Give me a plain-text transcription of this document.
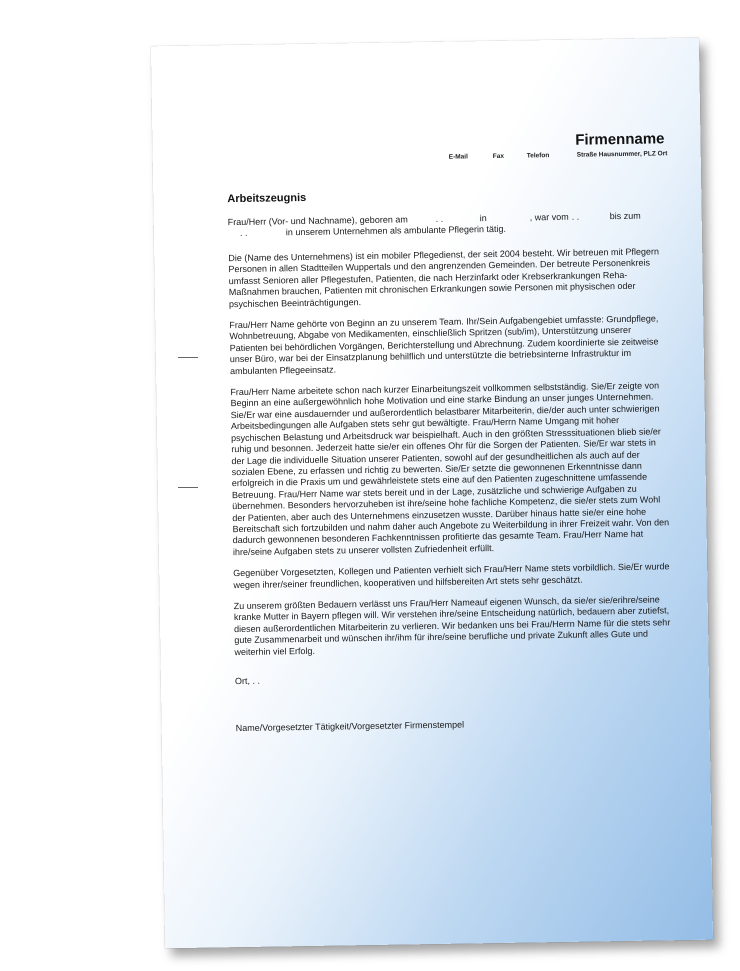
Firmenname
E-Mail	Fax	Telefon	Straße Hausnummer, PLZ Ort
Arbeitszeugnis

Frau/Herr (Vor- und Nachname), geboren am	. .	in	, war vom . .	bis zum
. .	in unserem Unternehmen als ambulante Pflegerin tätig.

Die (Name des Unternehmens) ist ein mobiler Pflegedienst, der seit 2004 besteht. Wir betreuen mit Pflegern Personen in allen Stadtteilen Wuppertals und den angrenzenden Gemeinden. Der betreute Personenkreis umfasst Senioren aller Pflegestufen, Patienten, die nach Herzinfarkt oder Krebserkrankungen Reha-Maßnahmen brauchen, Patienten mit chronischen Erkrankungen sowie Personen mit physischen oder psychischen Beeinträchtigungen.

Frau/Herr Name gehörte von Beginn an zu unserem Team. Ihr/Sein Aufgabengebiet umfasste: Grundpflege, Wohnbetreuung, Abgabe von Medikamenten, einschließlich Spritzen (sub/im), Unterstützung unserer Patienten bei behördlichen Vorgängen, Berichterstellung und Abrechnung. Zudem koordinierte sie zeitweise unser Büro, war bei der Einsatzplanung behilflich und unterstützte die betriebsinterne Infrastruktur im ambulanten Pflegeeinsatz.

Frau/Herr Name arbeitete schon nach kurzer Einarbeitungszeit vollkommen selbstständig. Sie/Er zeigte von Beginn an eine außergewöhnlich hohe Motivation und eine starke Bindung an unser junges Unternehmen. Sie/Er war eine ausdauernder und außerordentlich belastbarer Mitarbeiterin, die/der auch unter schwierigen Arbeitsbedingungen alle Aufgaben stets sehr gut bewältigte. Frau/Herrn Name Umgang mit hoher psychischen Belastung und Arbeitsdruck war beispielhaft. Auch in den größten Stresssituationen blieb sie/er ruhig und besonnen. Jederzeit hatte sie/er ein offenes Ohr für die Sorgen der Patienten. Sie/Er war stets in der Lage die individuelle Situation unserer Patienten, sowohl auf der gesundheitlichen als auch auf der sozialen Ebene, zu erfassen und richtig zu bewerten. Sie/Er setzte die gewonnenen Erkenntnisse dann erfolgreich in die Praxis um und gewährleistete stets eine auf den Patienten zugeschnittene umfassende Betreuung. Frau/Herr Name war stets bereit und in der Lage, zusätzliche und schwierige Aufgaben zu übernehmen. Besonders hervorzuheben ist ihre/seine hohe fachliche Kompetenz, die sie/er stets zum Wohl der Patienten, aber auch des Unternehmens einzusetzen wusste. Darüber hinaus hatte sie/er eine hohe Bereitschaft sich fortzubilden und nahm daher auch Angebote zu Weiterbildung in ihrer Freizeit wahr. Von den dadurch gewonnenen besonderen Fachkenntnissen profitierte das gesamte Team. Frau/Herr Name hat ihre/seine Aufgaben stets zu unserer vollsten Zufriedenheit erfüllt.

Gegenüber Vorgesetzten, Kollegen und Patienten verhielt sich Frau/Herr Name stets vorbildlich. Sie/Er wurde wegen ihrer/seiner freundlichen, kooperativen und hilfsbereiten Art stets sehr geschätzt.

Zu unserem größten Bedauern verlässt uns Frau/Herr Nameauf eigenen Wunsch, da sie/er sie/erihre/seine kranke Mutter in Bayern pflegen will. Wir verstehen ihre/seine Entscheidung natürlich, bedauern aber zutiefst, diesen außerordentlichen Mitarbeiterin zu verlieren. Wir bedanken uns bei Frau/Herrn Name für die stets sehr gute Zusammenarbeit und wünschen ihr/ihm für ihre/seine berufliche und private Zukunft alles Gute und weiterhin viel Erfolg.

Ort, . .
Name/Vorgesetzter Tätigkeit/Vorgesetzter Firmenstempel
